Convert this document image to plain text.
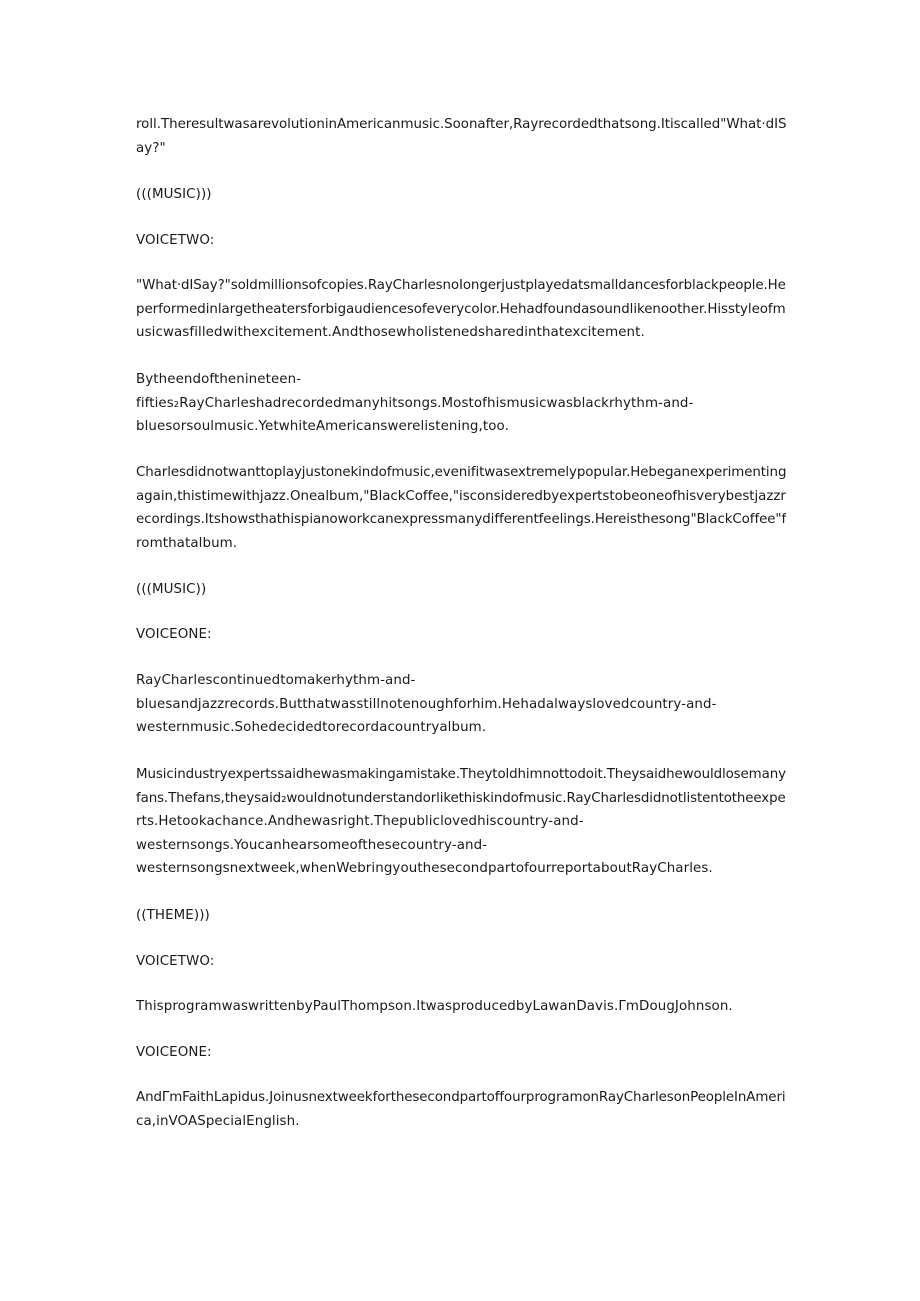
roll.TheresultwasarevolutioninAmericanmusic.Soonafter,Rayrecordedthatsong.Itiscalled"What·dIS
ay?"
(((MUSIC)))
VOICETWO:
"What·dISay?"soldmillionsofcopies.RayCharlesnoIongerjustplayedatsmalldancesforblackpeople.He
performedinlargetheatersforbigaudiencesofeverycolor.Hehadfoundasoundlikenoother.Hisstyleofm
usicwasfilledwithexcitement.Andthosewholistenedsharedinthatexcitement.
Bytheendofthenineteen-
fifties₂RayCharleshadrecordedmanyhitsongs.Mostofhismusicwasblackrhythm-and-
bluesorsoulmusic.YetwhiteAmericanswerelistening,too.
Charlesdidnotwanttoplayjustonekindofmusic,evenifitwasextremelypopular.Hebeganexperimenting
again,thistimewithjazz.Onealbum,"BlackCoffee,"isconsideredbyexpertstobeoneofhisverybestjazzr
ecordings.Itshowsthathispianoworkcanexpressmanydifferentfeelings.Hereisthesong"BlackCoffee"f
romthatalbum.
(((MUSIC))
VOICEONE:
RayCharlescontinuedtomakerhythm-and-
bluesandjazzrecords.Butthatwasstillnotenoughforhim.Hehadalwayslovedcountry-and-
westernmusic.Sohedecidedtorecordacountryalbum.
Musicindustryexpertssaidhewasmakingamistake.Theytoldhimnottodoit.Theysaidhewouldlosemany
fans.Thefans,theysaid₂wouldnotunderstandorlikethiskindofmusic.RayCharlesdidnotlistentotheexpe
rts.Hetookachance.Andhewasright.Thepubliclovedhiscountry-and-
westernsongs.Youcanhearsomeofthesecountry-and-
westernsongsnextweek,whenWebringyouthesecondpartofourreportaboutRayCharles.
((THEME)))
VOICETWO:
ThisprogramwaswrittenbyPaulThompson.ItwasproducedbyLawanDavis.ΓmDougJohnson.
VOICEONE:
AndΓmFaithLapidus.JoinusnextweekforthesecondpartoffourprogramonRayCharlesonPeopleInAmeri
ca,inVOASpecialEnglish.
